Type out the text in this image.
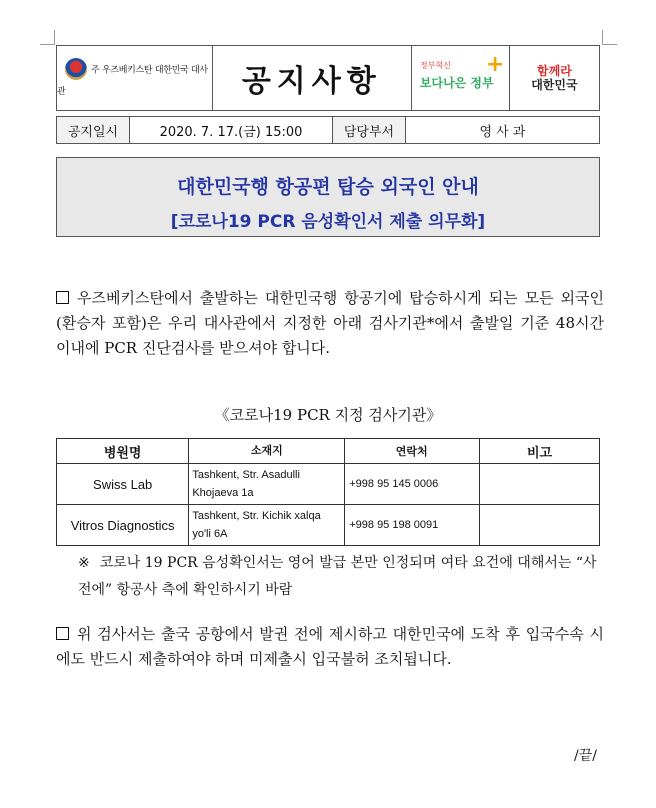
주 우즈베키스탄 대한민국 대사관	공지사항	정부혁신
보다나은 정부
+	함께라
대한민국
공지일시	2020. 7. 17.(금) 15:00	담당부서	영 사 과
대한민국행 항공편 탑승 외국인 안내
[코로나19 PCR 음성확인서 제출 의무화]
우즈베키스탄에서 출발하는 대한민국행 항공기에 탑승하시게 되는 모든 외국인(환승자 포함)은 우리 대사관에서 지정한 아래 검사기관*에서 출발일 기준 48시간 이내에 PCR 진단검사를 받으셔야 합니다.
《코로나19 PCR 지정 검사기관》
병원명	소재지	연락처	비고
Swiss Lab	Tashkent, Str. Asadulli Khojaeva 1a	+998 95 145 0006	
Vitros Diagnostics	Tashkent, Str. Kichik xalqa yo'li 6A	+998 95 198 0091	
※ 코로나 19 PCR 음성확인서는 영어 발급 본만 인정되며 여타 요건에 대해서는 “사전에” 항공사 측에 확인하시기 바람
위 검사서는 출국 공항에서 발권 전에 제시하고 대한민국에 도착 후 입국수속 시에도 반드시 제출하여야 하며 미제출시 입국불허 조치됩니다.
/끝/
